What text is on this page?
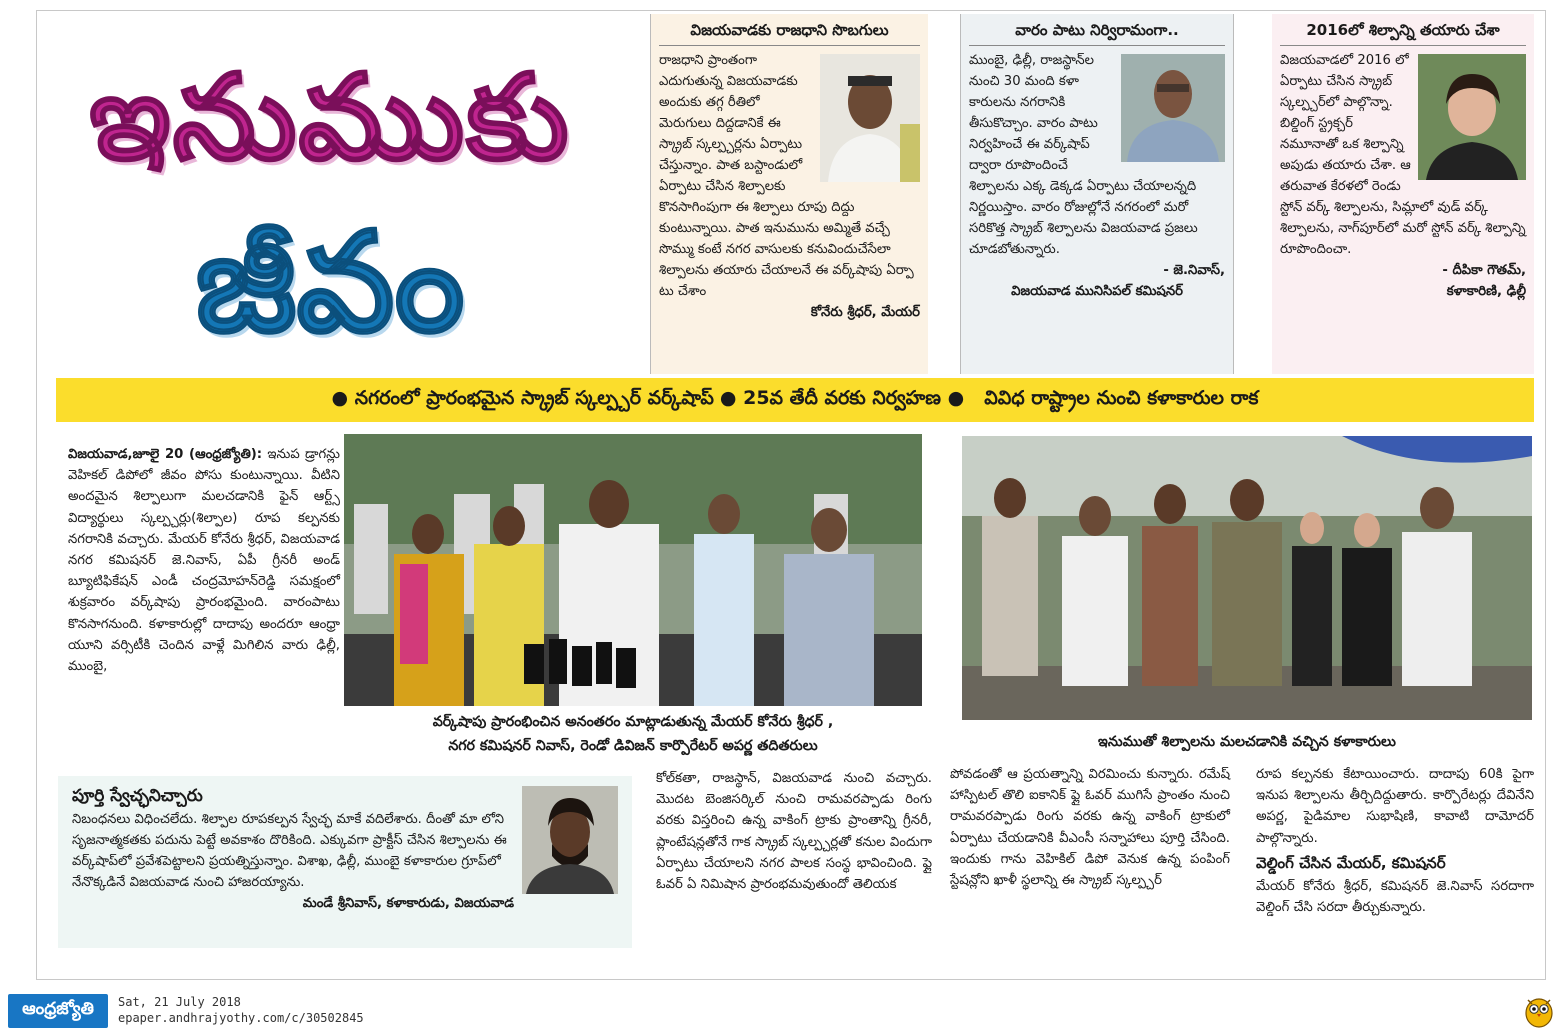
ఇనుముకు
జీవం
విజయవాడకు రాజధాని సొబగులు
రాజధాని ప్రాంతంగా ఎదుగుతున్న విజయవాడకు అందుకు తగ్గ రీతిలో మెరుగులు దిద్దడానికే ఈ స్క్రాబ్ స్కల్ప్చర్లను ఏర్పాటు చేస్తున్నాం. పాత బస్టాండులో ఏర్పాటు చేసిన శిల్పాలకు కొనసాగింపుగా ఈ శిల్పాలు రూపు దిద్దు కుంటున్నాయి. పాత ఇనుమును అమ్మితే వచ్చే సొమ్ము కంటే నగర వాసులకు కనువిందుచేసేలా శిల్పాలను తయారు చేయాలనే ఈ వర్క్‌షాపు ఏర్పా టు చేశాం
కోనేరు శ్రీధర్, మేయర్
వారం పాటు నిర్విరామంగా..
ముంబై, ఢిల్లీ, రాజస్థాన్‌ల నుంచి 30 మంది కళా కారులను నగరానికి తీసుకొచ్చాం. వారం పాటు నిర్వహించే ఈ వర్క్‌షాప్ ద్వారా రూపొందించే శిల్పాలను ఎక్క డెక్కడ ఏర్పాటు చేయాలన్నది నిర్ణయిస్తాం. వారం రోజుల్లోనే నగరంలో మరో సరికొత్త స్క్రాబ్ శిల్పాలను విజయవాడ ప్రజలు చూడబోతున్నారు.
- జె.నివాస్,
విజయవాడ మునిసిపల్ కమిషనర్
2016లో శిల్పాన్ని తయారు చేశా
విజయవాడలో 2016 లో ఏర్పాటు చేసిన స్క్రాబ్ స్కల్ప్చర్‌లో పాల్గొన్నా. బిల్డింగ్ స్ట్రక్చర్ నమూనాతో ఒక శిల్పాన్ని అపుడు తయారు చేశా. ఆ తరువాత కేరళలో రెండు స్టోన్ వర్క్ శిల్పాలను, సిమ్లాలో వుడ్ వర్క్ శిల్పాలను, నాగ్‌పూర్‌లో మరో స్టోన్ వర్క్ శిల్పాన్ని రూపొందించా.
- దీపికా గౌతమ్,
కళాకారిణి, ఢిల్లీ
● నగరంలో ప్రారంభమైన స్క్రాబ్ స్కల్ప్చర్ వర్క్‌షాప్ ● 25వ తేదీ వరకు నిర్వహణ ● వివిధ రాష్ట్రాల నుంచి కళాకారుల రాక
విజయవాడ,జూలై 20 (ఆంధ్రజ్యోతి): ఇనుప డ్రాగన్లు వెహికల్ డిపోలో జీవం పోసు కుంటున్నాయి. వీటిని అందమైన శిల్పాలుగా మలచడానికి ఫైన్ ఆర్ట్స్ విద్యార్థులు స్కల్ప్చర్లు(శిల్పాల) రూప కల్పనకు నగరానికి వచ్చారు. మేయర్ కోనేరు శ్రీధర్, విజయవాడ నగర కమిషనర్ జె.నివాస్, ఏపీ గ్రీనరీ అండ్ బ్యూటిఫికేషన్ ఎండీ చంద్రమోహన్‌రెడ్డి సమక్షంలో శుక్రవారం వర్క్‌షాపు ప్రారంభమైంది. వారంపాటు కొనసాగనుంది. కళాకారుల్లో దాదాపు అందరూ ఆంధ్రా యూని వర్సిటీకి చెందిన వాళ్లే మిగిలిన వారు ఢిల్లీ, ముంబై,
వర్క్‌షాపు ప్రారంభించిన అనంతరం మాట్లాడుతున్న మేయర్ కోనేరు శ్రీధర్ ,
నగర కమిషనర్ నివాస్, రెండో డివిజన్ కార్పొరేటర్ అపర్ణ తదితరులు	ఇనుముతో శిల్పాలను మలచడానికి వచ్చిన కళాకారులు
పూర్తి స్వేచ్ఛనిచ్చారు
నిబంధనలు విధించలేదు. శిల్పాల రూపకల్పన స్వేచ్ఛ మాకే వదిలేశారు. దీంతో మా లోని సృజనాత్మకతకు పదును పెట్టే అవకాశం దొరికింది. ఎక్కువగా ప్రాక్టీస్ చేసిన శిల్పాలను ఈ వర్క్‌షాప్‌లో ప్రవేశపెట్టాలని ప్రయత్నిస్తున్నాం. విశాఖ, ఢిల్లీ, ముంబై కళాకారుల గ్రూప్‌లో నేనొక్కడినే విజయవాడ నుంచి హాజరయ్యాను.
మండే శ్రీనివాస్, కళాకారుడు, విజయవాడ
కోల్‌కతా, రాజస్థాన్, విజయవాడ నుంచి వచ్చారు. మొదట బెంజిసర్కిల్ నుంచి రామవరప్పాడు రింగు వరకు విస్తరించి ఉన్న వాకింగ్ ట్రాకు ప్రాంతాన్ని గ్రీనరీ, ప్లాంటేషన్లతోనే గాక స్క్రాబ్ స్కల్ప్చర్లతో కనుల విందుగా ఏర్పాటు చేయాలని నగర పాలక సంస్థ భావించింది. ఫ్లై ఓవర్ ఏ నిమిషాన ప్రారంభమవుతుందో తెలియక
పోవడంతో ఆ ప్రయత్నాన్ని విరమించు కున్నారు. రమేష్ హాస్పిటల్ తొలి ఐకానిక్ ఫ్లై ఓవర్ ముగిసే ప్రాంతం నుంచి రామవరప్పాడు రింగు వరకు ఉన్న వాకింగ్ ట్రాకులో ఏర్పాటు చేయడానికి వీఎంసీ సన్నాహాలు పూర్తి చేసింది. ఇందుకు గాను వెహికిల్ డిపో వెనుక ఉన్న పంపింగ్ స్టేషన్లోని ఖాళీ స్థలాన్ని ఈ స్క్రాబ్ స్కల్ప్చర్
రూప కల్పనకు కేటాయించారు. దాదాపు 60కి పైగా ఇనుప శిల్పాలను తీర్చిదిద్దుతారు. కార్పొరేటర్లు దేవినేని అపర్ణ, పైడిమాల సుభాషిణి, కావాటి దామోదర్ పాల్గొన్నారు.
వెల్డింగ్ చేసిన మేయర్, కమిషనర్
మేయర్ కోనేరు శ్రీధర్, కమిషనర్ జె.నివాస్ సరదాగా వెల్డింగ్ చేసి సరదా తీర్చుకున్నారు.
ఆంధ్రజ్యోతి	Sat, 21 July 2018
epaper.andhrajyothy.com/c/30502845
